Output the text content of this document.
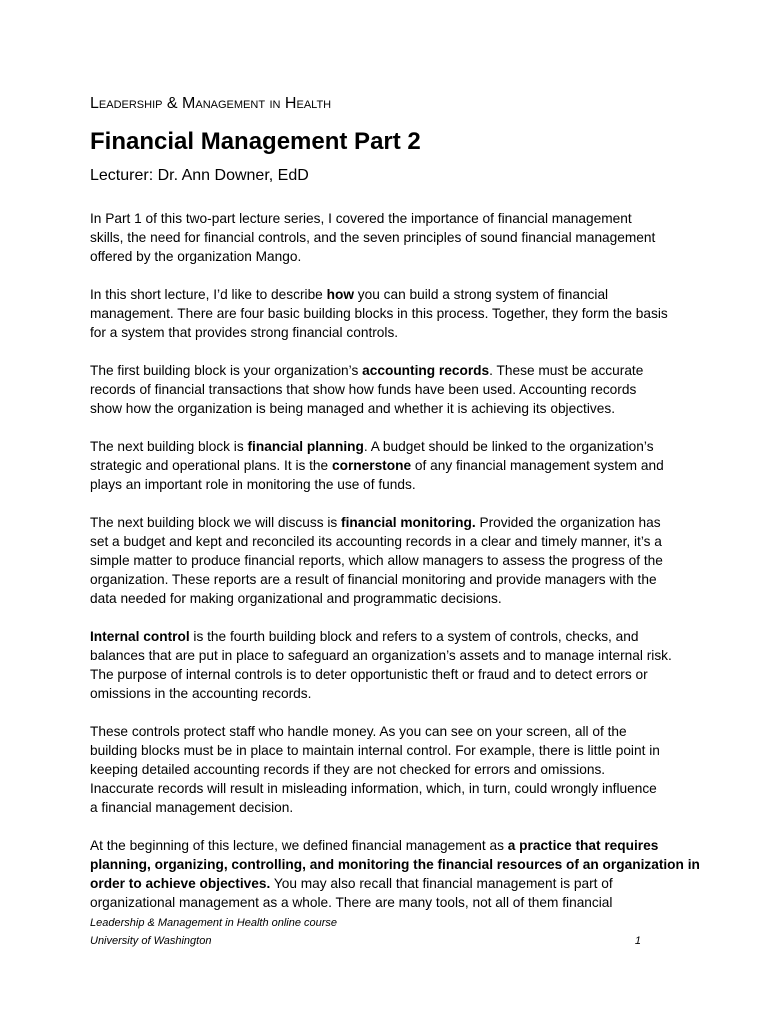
Leadership & Management in Health
Financial Management Part 2
Lecturer: Dr. Ann Downer, EdD
In Part 1 of this two-part lecture series, I covered the importance of financial management
skills, the need for financial controls, and the seven principles of sound financial management
offered by the organization Mango.
In this short lecture, I’d like to describe how you can build a strong system of financial
management. There are four basic building blocks in this process. Together, they form the basis
for a system that provides strong financial controls.
The first building block is your organization’s accounting records. These must be accurate
records of financial transactions that show how funds have been used. Accounting records
show how the organization is being managed and whether it is achieving its objectives.
The next building block is financial planning. A budget should be linked to the organization’s
strategic and operational plans. It is the cornerstone of any financial management system and
plays an important role in monitoring the use of funds.
The next building block we will discuss is financial monitoring. Provided the organization has
set a budget and kept and reconciled its accounting records in a clear and timely manner, it’s a
simple matter to produce financial reports, which allow managers to assess the progress of the
organization. These reports are a result of financial monitoring and provide managers with the
data needed for making organizational and programmatic decisions.
Internal control is the fourth building block and refers to a system of controls, checks, and
balances that are put in place to safeguard an organization’s assets and to manage internal risk.
The purpose of internal controls is to deter opportunistic theft or fraud and to detect errors or
omissions in the accounting records.
These controls protect staff who handle money. As you can see on your screen, all of the
building blocks must be in place to maintain internal control. For example, there is little point in
keeping detailed accounting records if they are not checked for errors and omissions.
Inaccurate records will result in misleading information, which, in turn, could wrongly influence
a financial management decision.
At the beginning of this lecture, we defined financial management as a practice that requires
planning, organizing, controlling, and monitoring the financial resources of an organization in
order to achieve objectives. You may also recall that financial management is part of
organizational management as a whole. There are many tools, not all of them financial
Leadership & Management in Health online course
University of Washington	1
